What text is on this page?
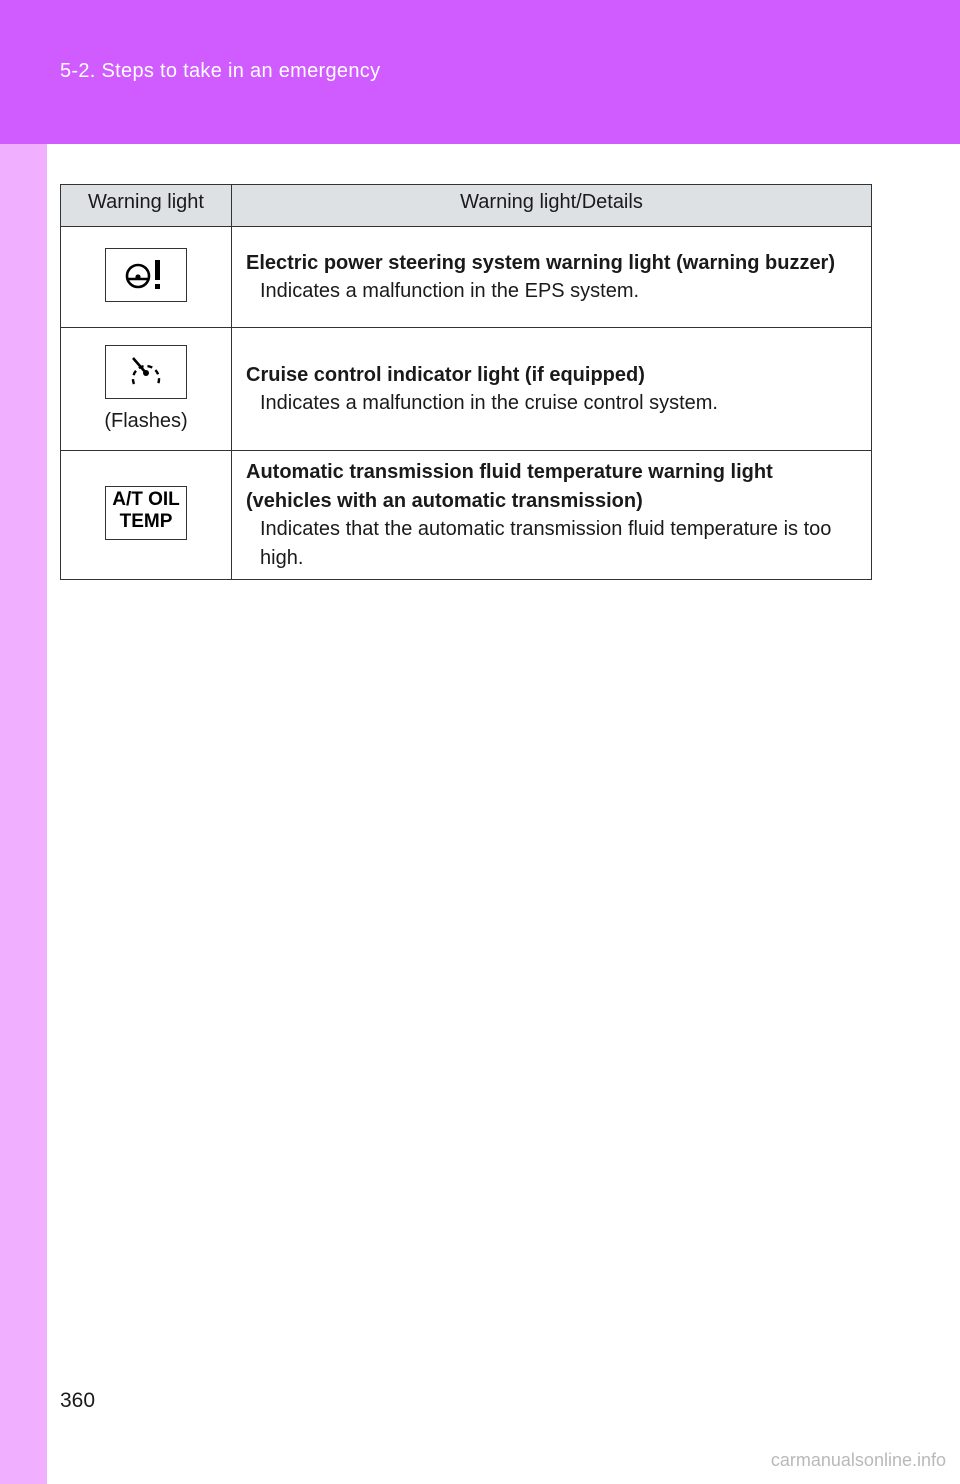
5-2. Steps to take in an emergency
Warning light	Warning light/Details

Electric power steering system warning light (warning buzzer)
Indicates a malfunction in the EPS system.

(Flashes)	Cruise control indicator light (if equipped)
Indicates a malfunction in the cruise control system.

A/T OIL
TEMP	Automatic transmission fluid temperature warning light (vehicles with an automatic transmission)
Indicates that the automatic transmission fluid temperature is too high.
360
carmanualsonline.info
